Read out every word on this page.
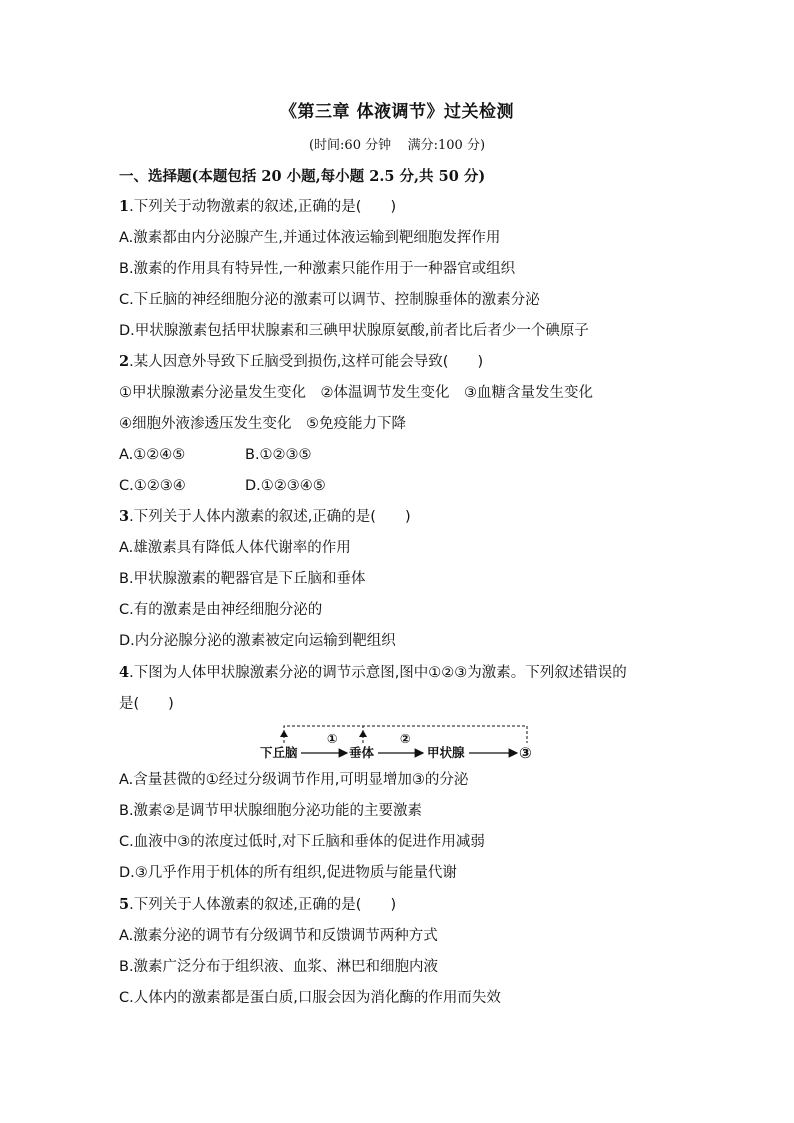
《第三章 体液调节》过关检测
(时间:60 分钟    满分:100 分)
一、选择题(本题包括 20 小题,每小题 2.5 分,共 50 分)
1.下列关于动物激素的叙述,正确的是(　　)
A.激素都由内分泌腺产生,并通过体液运输到靶细胞发挥作用
B.激素的作用具有特异性,一种激素只能作用于一种器官或组织
C.下丘脑的神经细胞分泌的激素可以调节、控制腺垂体的激素分泌
D.甲状腺激素包括甲状腺素和三碘甲状腺原氨酸,前者比后者少一个碘原子
2.某人因意外导致下丘脑受到损伤,这样可能会导致(　　)
①甲状腺激素分泌量发生变化　②体温调节发生变化　③血糖含量发生变化
④细胞外液渗透压发生变化　⑤免疫能力下降
A.①②④⑤	B.①②③⑤
C.①②③④	D.①②③④⑤
3.下列关于人体内激素的叙述,正确的是(　　)
A.雄激素具有降低人体代谢率的作用
B.甲状腺激素的靶器官是下丘脑和垂体
C.有的激素是由神经细胞分泌的
D.内分泌腺分泌的激素被定向运输到靶组织
4.下图为人体甲状腺激素分泌的调节示意图,图中①②③为激素。下列叙述错误的
是(　　)
下丘脑	垂体	甲状腺	③
①	②
A.含量甚微的①经过分级调节作用,可明显增加③的分泌
B.激素②是调节甲状腺细胞分泌功能的主要激素
C.血液中③的浓度过低时,对下丘脑和垂体的促进作用减弱
D.③几乎作用于机体的所有组织,促进物质与能量代谢
5.下列关于人体激素的叙述,正确的是(　　)
A.激素分泌的调节有分级调节和反馈调节两种方式
B.激素广泛分布于组织液、血浆、淋巴和细胞内液
C.人体内的激素都是蛋白质,口服会因为消化酶的作用而失效
